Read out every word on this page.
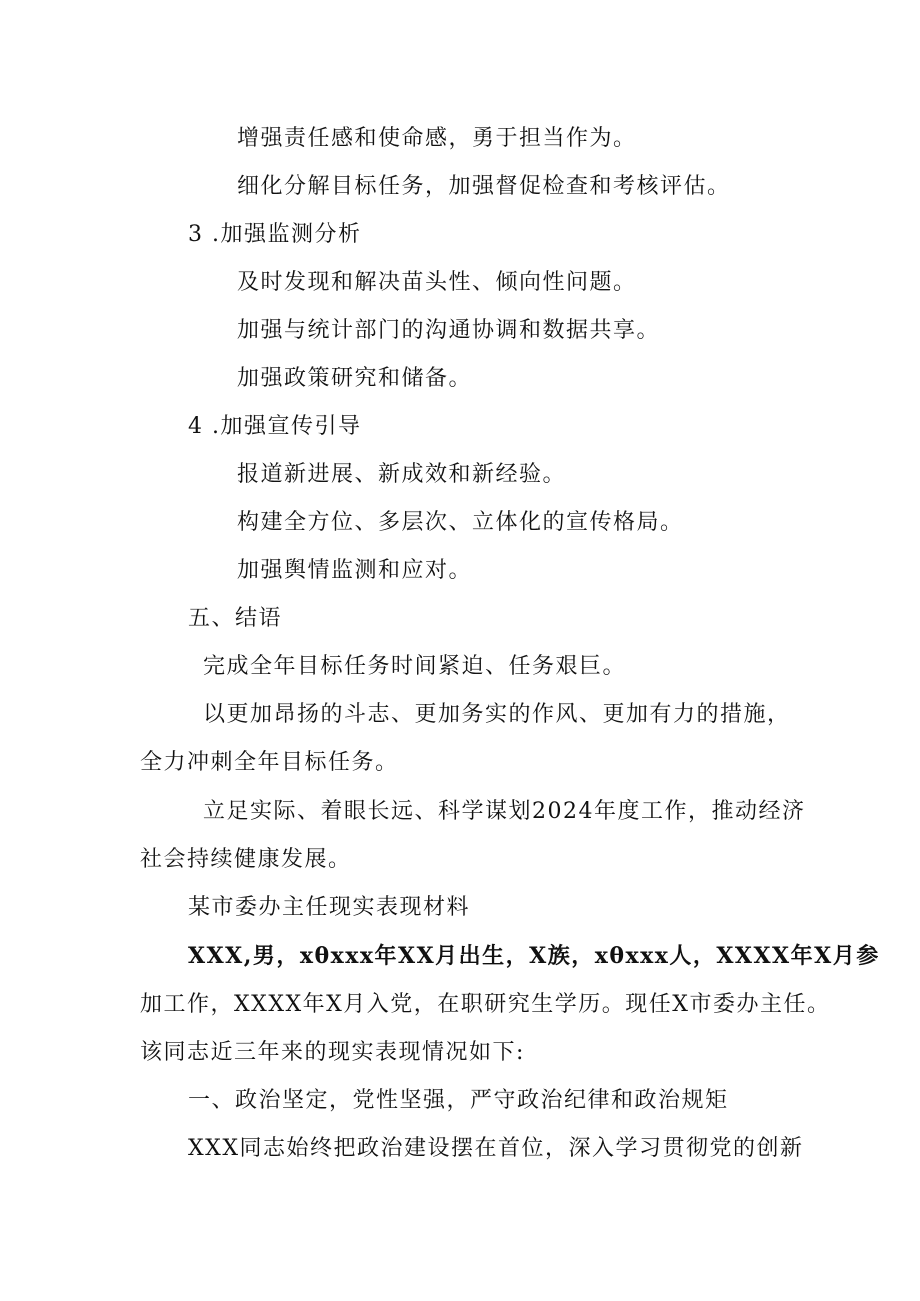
增强责任感和使命感，勇于担当作为。
细化分解目标任务，加强督促检查和考核评估。
3 .加强监测分析
及时发现和解决苗头性、倾向性问题。
加强与统计部门的沟通协调和数据共享。
加强政策研究和储备。
4 .加强宣传引导
报道新进展、新成效和新经验。
构建全方位、多层次、立体化的宣传格局。
加强舆情监测和应对。
五、结语
完成全年目标任务时间紧迫、任务艰巨。
以更加昂扬的斗志、更加务实的作风、更加有力的措施，
全力冲刺全年目标任务。
立足实际、着眼长远、科学谋划2024年度工作，推动经济
社会持续健康发展。
某市委办主任现实表现材料
XXX,男，xθxxx年XX月出生，X族，xθxxx人，XXXX年X月参
加工作，XXXX年X月入党，在职研究生学历。现任X市委办主任。
该同志近三年来的现实表现情况如下:
一、政治坚定，党性坚强，严守政治纪律和政治规矩
XXX同志始终把政治建设摆在首位，深入学习贯彻党的创新
